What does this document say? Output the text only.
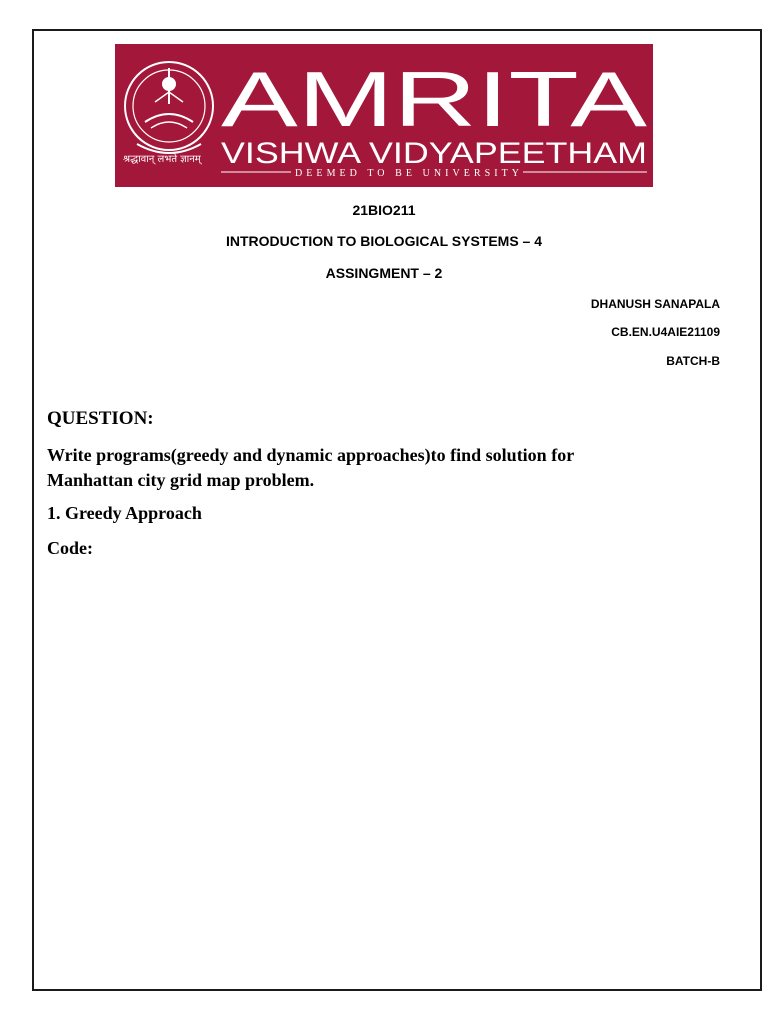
श्रद्धावान् लभते ज्ञानम्
AMRITA
VISHWA VIDYAPEETHAM
DEEMED TO BE UNIVERSITY
21BIO211
INTRODUCTION TO BIOLOGICAL SYSTEMS – 4
ASSINGMENT – 2
DHANUSH SANAPALA
CB.EN.U4AIE21109
BATCH-B
QUESTION:
Write programs(greedy and dynamic approaches)to find solution for
Manhattan city grid map problem.
1. Greedy Approach
Code:
